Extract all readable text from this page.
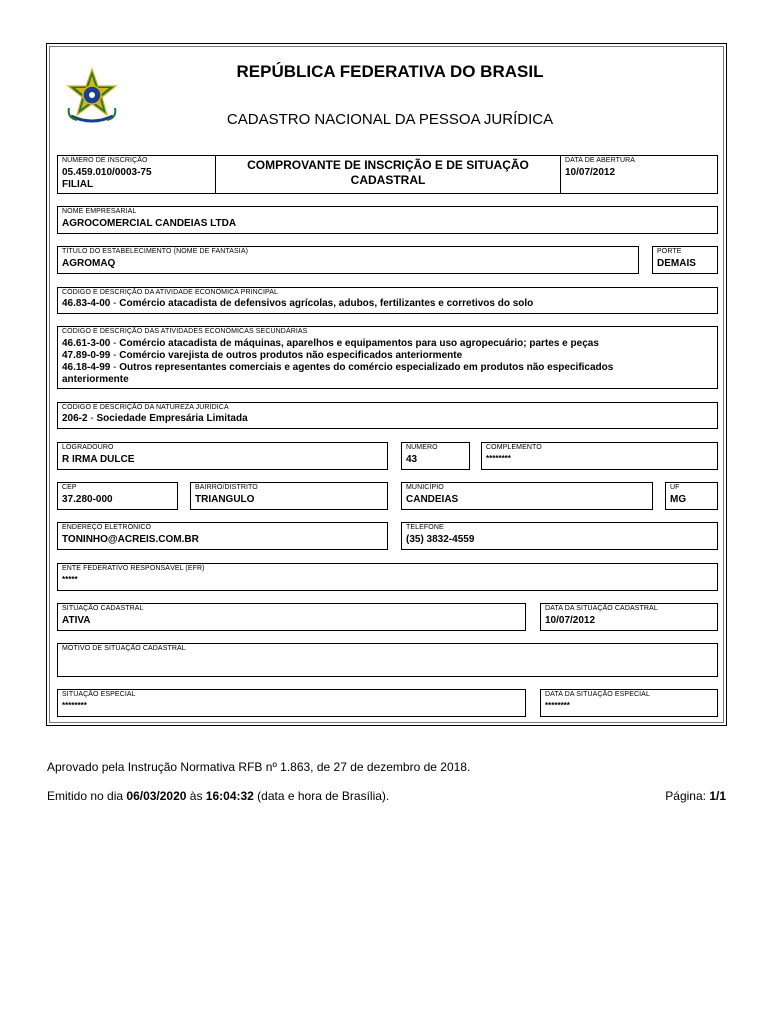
REPÚBLICA FEDERATIVA DO BRASIL
CADASTRO NACIONAL DA PESSOA JURÍDICA
NÚMERO DE INSCRIÇÃO
05.459.010/0003-75
FILIAL
COMPROVANTE DE INSCRIÇÃO E DE SITUAÇÃO
CADASTRAL
DATA DE ABERTURA
10/07/2012
NOME EMPRESARIAL
AGROCOMERCIAL CANDEIAS LTDA
TÍTULO DO ESTABELECIMENTO (NOME DE FANTASIA)
AGROMAQ
PORTE
DEMAIS
CÓDIGO E DESCRIÇÃO DA ATIVIDADE ECONÔMICA PRINCIPAL
46.83-4-00 - Comércio atacadista de defensivos agrícolas, adubos, fertilizantes e corretivos do solo
CÓDIGO E DESCRIÇÃO DAS ATIVIDADES ECONÔMICAS SECUNDÁRIAS
46.61-3-00 - Comércio atacadista de máquinas, aparelhos e equipamentos para uso agropecuário; partes e peças
47.89-0-99 - Comércio varejista de outros produtos não especificados anteriormente
46.18-4-99 - Outros representantes comerciais e agentes do comércio especializado em produtos não especificados
anteriormente
CÓDIGO E DESCRIÇÃO DA NATUREZA JURÍDICA
206-2 - Sociedade Empresária Limitada
LOGRADOURO
R IRMA DULCE
NÚMERO
43
COMPLEMENTO
********
CEP
37.280-000
BAIRRO/DISTRITO
TRIANGULO
MUNICÍPIO
CANDEIAS
UF
MG
ENDEREÇO ELETRÔNICO
TONINHO@ACREIS.COM.BR
TELEFONE
(35) 3832-4559
ENTE FEDERATIVO RESPONSÁVEL (EFR)
*****
SITUAÇÃO CADASTRAL
ATIVA
DATA DA SITUAÇÃO CADASTRAL
10/07/2012
MOTIVO DE SITUAÇÃO CADASTRAL
SITUAÇÃO ESPECIAL
********
DATA DA SITUAÇÃO ESPECIAL
********
Aprovado pela Instrução Normativa RFB nº 1.863, de 27 de dezembro de 2018.
Emitido no dia 06/03/2020 às 16:04:32 (data e hora de Brasília).	Página: 1/1
